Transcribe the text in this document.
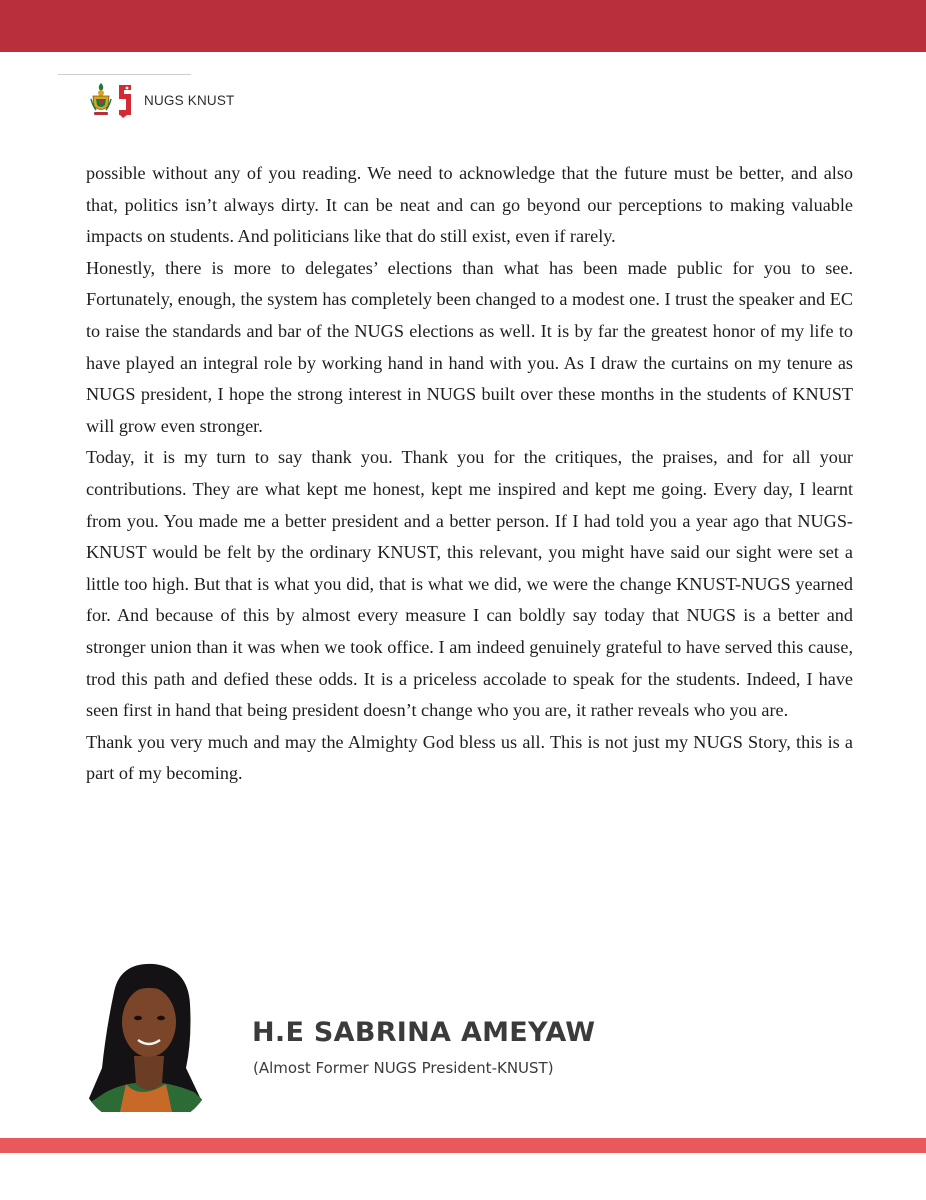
NUGS KNUST

possible without any of you reading. We need to acknowledge that the future must be better, and also that, politics isn’t always dirty. It can be neat and can go beyond our perceptions to making valuable impacts on students. And politicians like that do still exist, even if rarely.

Honestly, there is more to delegates’ elections than what has been made public for you to see. Fortunately, enough, the system has completely been changed to a modest one. I trust the speaker and EC to raise the standards and bar of the NUGS elections as well. It is by far the greatest honor of my life to have played an integral role by working hand in hand with you. As I draw the curtains on my tenure as NUGS president, I hope the strong interest in NUGS built over these months in the students of KNUST will grow even stronger.

Today, it is my turn to say thank you. Thank you for the critiques, the praises, and for all your contributions. They are what kept me honest, kept me inspired and kept me going. Every day, I learnt from you. You made me a better president and a better person. If I had told you a year ago that NUGS-KNUST would be felt by the ordinary KNUST, this relevant, you might have said our sight were set a little too high. But that is what you did, that is what we did, we were the change KNUST-NUGS yearned for. And because of this by almost every measure I can boldly say today that NUGS is a better and stronger union than it was when we took office. I am indeed genuinely grateful to have served this cause, trod this path and defied these odds. It is a priceless accolade to speak for the students. Indeed, I have seen first in hand that being president doesn’t change who you are, it rather reveals who you are.

Thank you very much and may the Almighty God bless us all. This is not just my NUGS Story, this is a part of my becoming.

H.E SABRINA AMEYAW
(Almost Former NUGS President-KNUST)
